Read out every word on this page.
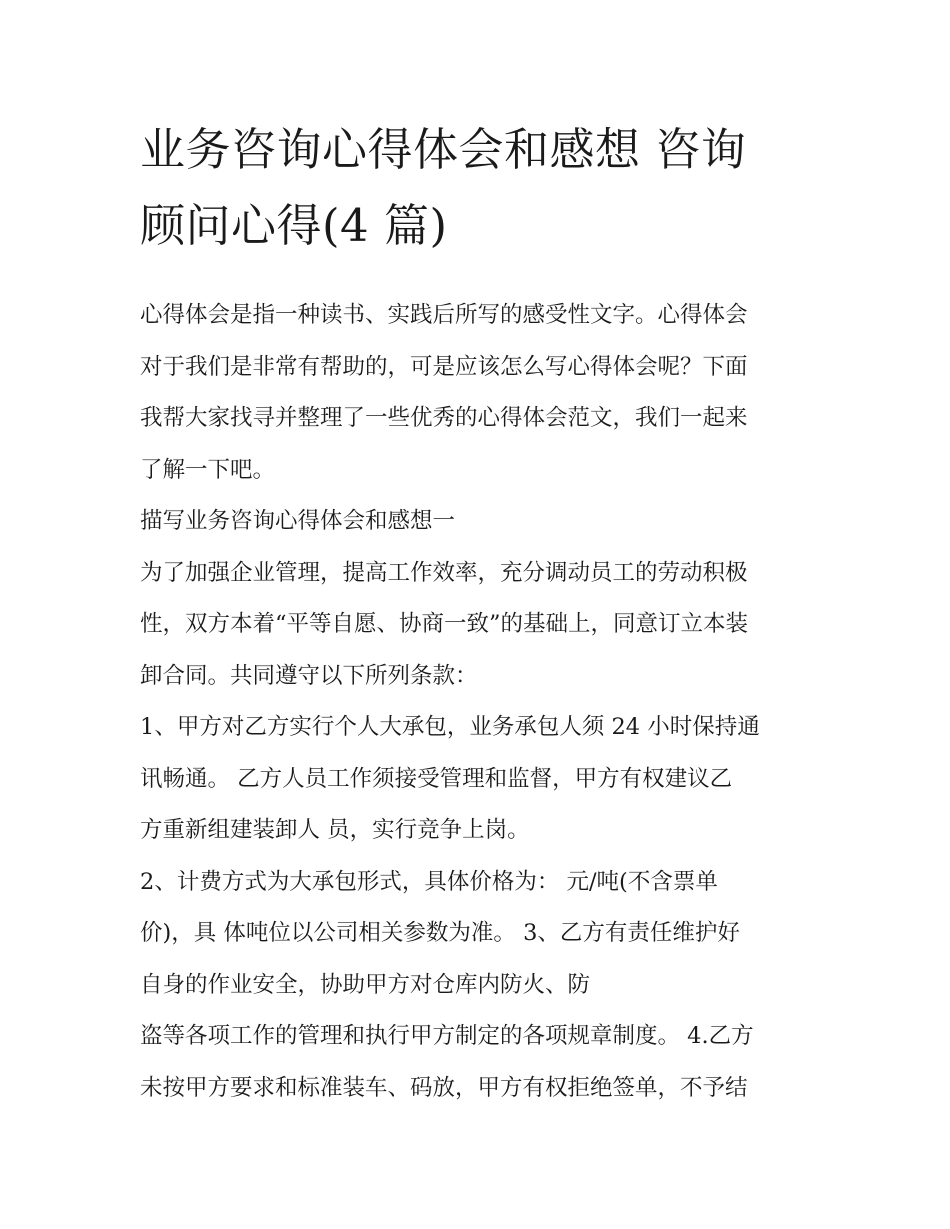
业务咨询心得体会和感想 咨询
顾问心得(4 篇)

心得体会是指一种读书、实践后所写的感受性文字。心得体会
对于我们是非常有帮助的，可是应该怎么写心得体会呢？下面
我帮大家找寻并整理了一些优秀的心得体会范文，我们一起来
了解一下吧。

描写业务咨询心得体会和感想一

为了加强企业管理，提高工作效率，充分调动员工的劳动积极
性，双方本着“平等自愿、协商一致”的基础上，同意订立本装
卸合同。共同遵守以下所列条款：

1、甲方对乙方实行个人大承包，业务承包人须 24 小时保持通
讯畅通。 乙方人员工作须接受管理和监督，甲方有权建议乙
方重新组建装卸人 员，实行竞争上岗。

2、计费方式为大承包形式，具体价格为： 元/吨(不含票单
价)，具 体吨位以公司相关参数为准。 3、乙方有责任维护好
自身的作业安全，协助甲方对仓库内防火、防
盗等各项工作的管理和执行甲方制定的各项规章制度。 4.乙方
未按甲方要求和标准装车、码放，甲方有权拒绝签单，不予结
